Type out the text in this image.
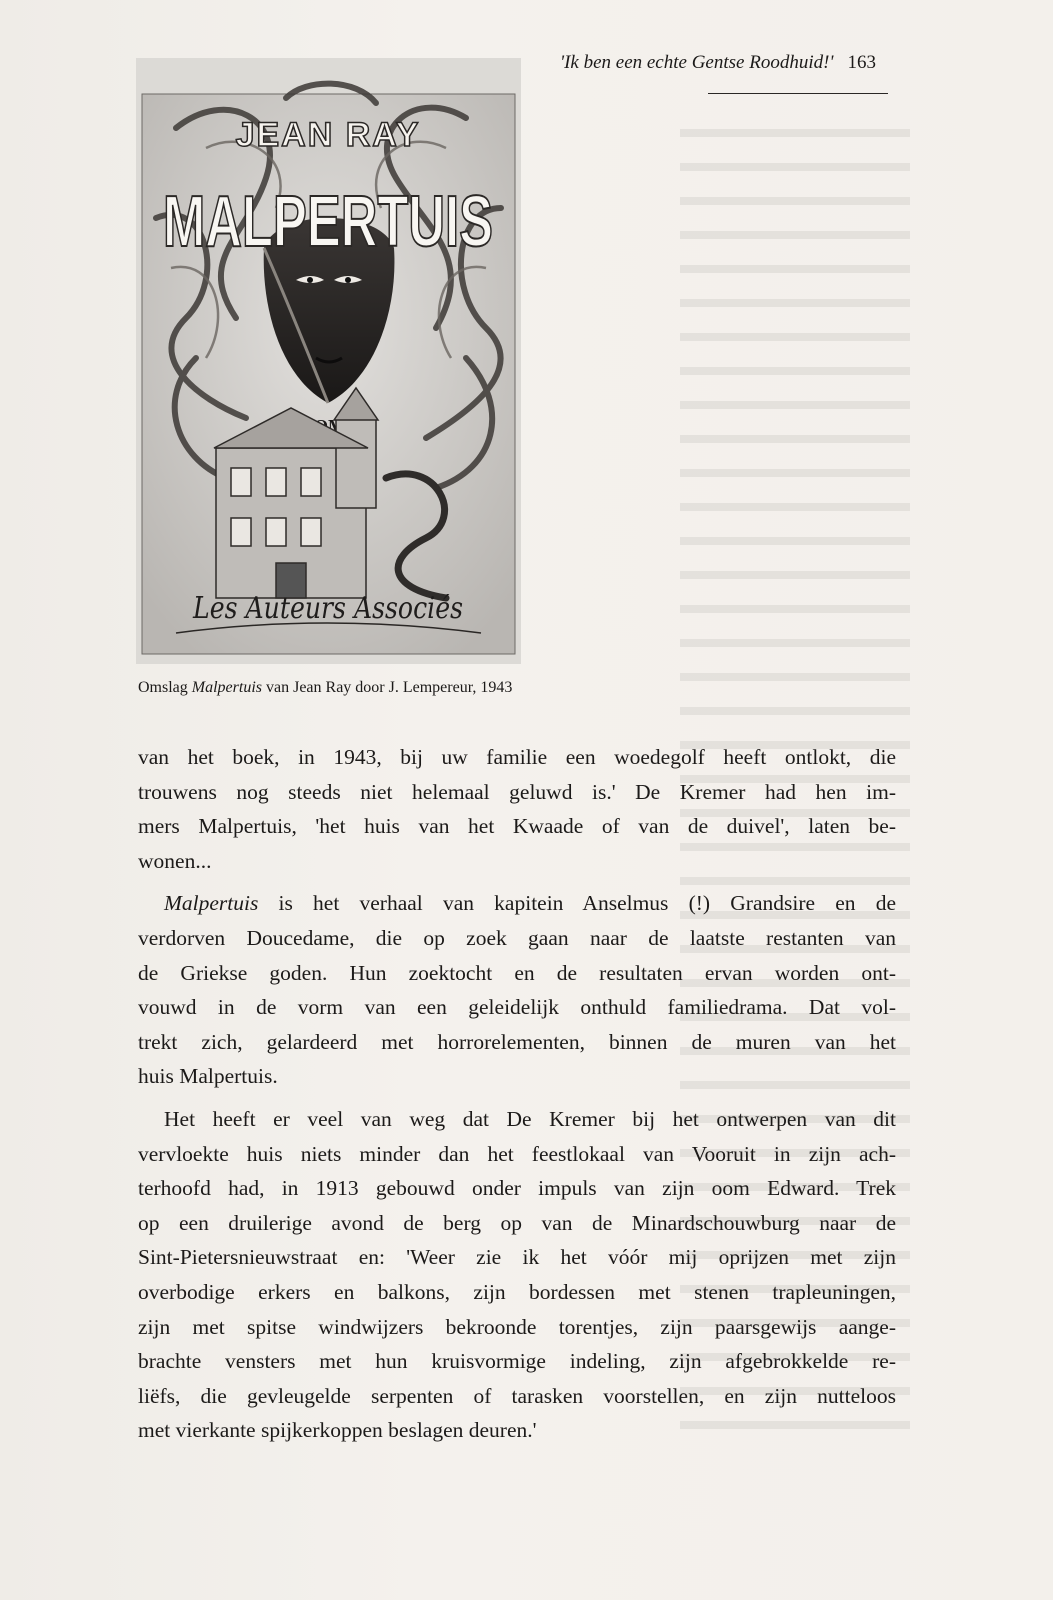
'Ik ben een echte Gentse Roodhuid!' 163
JEAN RAY
MALPERTUIS
Les Auteurs Associés
Omslag Malpertuis van Jean Ray door J. Lempereur, 1943

van het boek, in 1943, bij uw familie een woedegolf heeft ontlokt, die
trouwens nog steeds niet helemaal geluwd is.' De Kremer had hen im-
mers Malpertuis, 'het huis van het Kwaade of van de duivel', laten be-
wonen...

Malpertuis is het verhaal van kapitein Anselmus (!) Grandsire en de
verdorven Doucedame, die op zoek gaan naar de laatste restanten van
de Griekse goden. Hun zoektocht en de resultaten ervan worden ont-
vouwd in de vorm van een geleidelijk onthuld familiedrama. Dat vol-
trekt zich, gelardeerd met horrorelementen, binnen de muren van het
huis Malpertuis.

Het heeft er veel van weg dat De Kremer bij het ontwerpen van dit
vervloekte huis niets minder dan het feestlokaal van Vooruit in zijn ach-
terhoofd had, in 1913 gebouwd onder impuls van zijn oom Edward. Trek
op een druilerige avond de berg op van de Minardschouwburg naar de
Sint-Pietersnieuwstraat en: 'Weer zie ik het vóór mij oprijzen met zijn
overbodige erkers en balkons, zijn bordessen met stenen trapleuningen,
zijn met spitse windwijzers bekroonde torentjes, zijn paarsgewijs aange-
brachte vensters met hun kruisvormige indeling, zijn afgebrokkelde re-
liëfs, die gevleugelde serpenten of tarasken voorstellen, en zijn nutteloos
met vierkante spijkerkoppen beslagen deuren.'
